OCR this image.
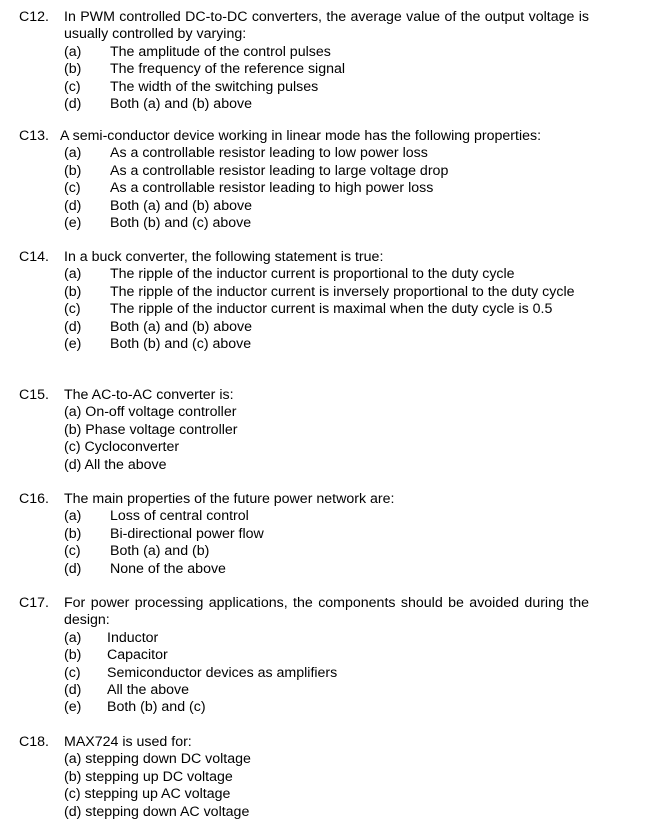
C12. In PWM controlled DC-to-DC converters, the average value of the output voltage is usually controlled by varying:
(a) The amplitude of the control pulses
(b) The frequency of the reference signal
(c) The width of the switching pulses
(d) Both (a) and (b) above
C13. A semi-conductor device working in linear mode has the following properties:
(a) As a controllable resistor leading to low power loss
(b) As a controllable resistor leading to large voltage drop
(c) As a controllable resistor leading to high power loss
(d) Both (a) and (b) above
(e) Both (b) and (c) above
C14. In a buck converter, the following statement is true:
(a) The ripple of the inductor current is proportional to the duty cycle
(b) The ripple of the inductor current is inversely proportional to the duty cycle
(c) The ripple of the inductor current is maximal when the duty cycle is 0.5
(d) Both (a) and (b) above
(e) Both (b) and (c) above
C15. The AC-to-AC converter is:
(a) On-off voltage controller
(b) Phase voltage controller
(c) Cycloconverter
(d) All the above
C16. The main properties of the future power network are:
(a) Loss of central control
(b) Bi-directional power flow
(c) Both (a) and (b)
(d) None of the above
C17. For power processing applications, the components should be avoided during the design:
(a) Inductor
(b) Capacitor
(c) Semiconductor devices as amplifiers
(d) All the above
(e) Both (b) and (c)
C18. MAX724 is used for:
(a) stepping down DC voltage
(b) stepping up DC voltage
(c) stepping up AC voltage
(d) stepping down AC voltage
